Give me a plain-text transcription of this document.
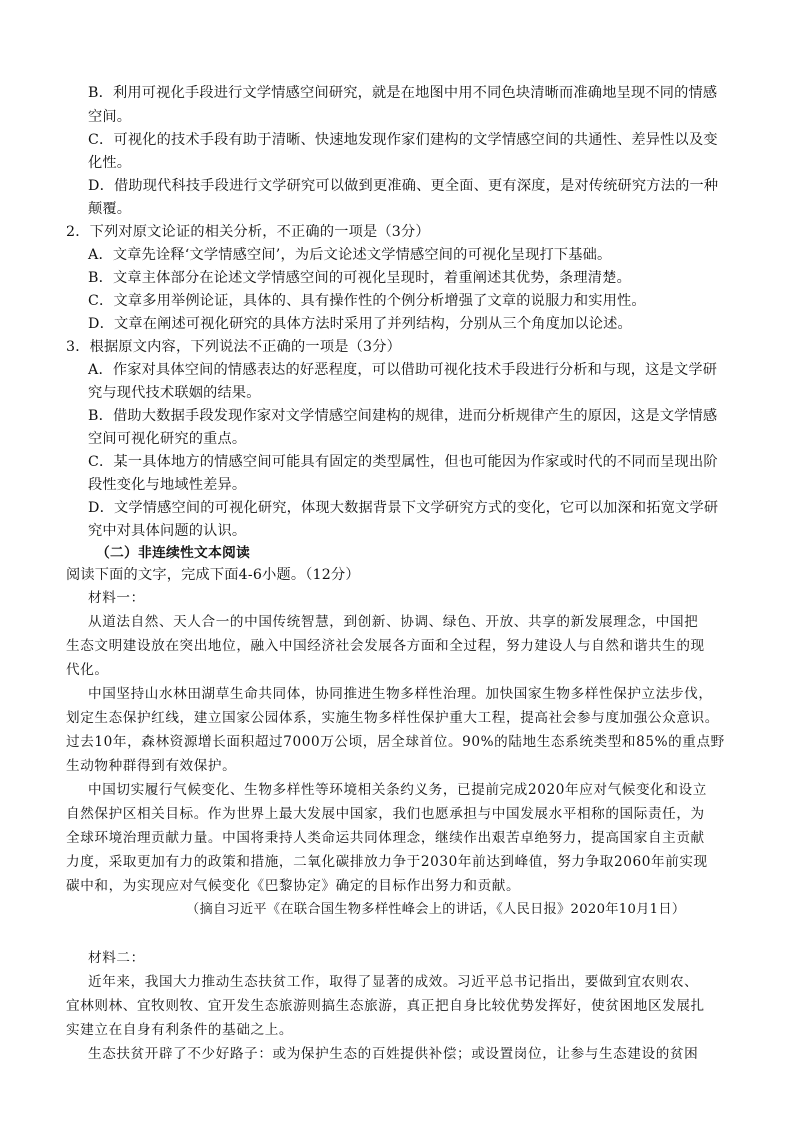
B．利用可视化手段进行文学情感空间研究，就是在地图中用不同色块清晰而准确地呈现不同的情感
空间。
C．可视化的技术手段有助于清晰、快速地发现作家们建构的文学情感空间的共通性、差异性以及变
化性。
D．借助现代科技手段进行文学研究可以做到更准确、更全面、更有深度，是对传统研究方法的一种
颠覆。
2．下列对原文论证的相关分析，不正确的一项是（3分）
A．文章先诠释‘文学情感空间’，为后文论述文学情感空间的可视化呈现打下基础。
B．文章主体部分在论述文学情感空间的可视化呈现时，着重阐述其优势，条理清楚。
C．文章多用举例论证，具体的、具有操作性的个例分析增强了文章的说服力和实用性。
D．文章在阐述可视化研究的具体方法时采用了并列结构，分别从三个角度加以论述。
3．根据原文内容，下列说法不正确的一项是（3分）
A．作家对具体空间的情感表达的好恶程度，可以借助可视化技术手段进行分析和与现，这是文学研
究与现代技术联姻的结果。
B．借助大数据手段发现作家对文学情感空间建构的规律，进而分析规律产生的原因，这是文学情感
空间可视化研究的重点。
C．某一具体地方的情感空间可能具有固定的类型属性，但也可能因为作家或时代的不同而呈现出阶
段性变化与地域性差异。
D．文学情感空间的可视化研究，体现大数据背景下文学研究方式的变化，它可以加深和拓宽文学研
究中对具体问题的认识。
（二）非连续性文本阅读
阅读下面的文字，完成下面4-6小题。（12分）
材料一：
从道法自然、天人合一的中国传统智慧，到创新、协调、绿色、开放、共享的新发展理念，中国把
生态文明建设放在突出地位，融入中国经济社会发展各方面和全过程，努力建设人与自然和谐共生的现
代化。
中国坚持山水林田湖草生命共同体，协同推进生物多样性治理。加快国家生物多样性保护立法步伐，
划定生态保护红线，建立国家公园体系，实施生物多样性保护重大工程，提高社会参与度加强公众意识。
过去10年，森林资源增长面积超过7000万公顷，居全球首位。90%的陆地生态系统类型和85%的重点野
生动物种群得到有效保护。
中国切实履行气候变化、生物多样性等环境相关条约义务，已提前完成2020年应对气候变化和设立
自然保护区相关目标。作为世界上最大发展中国家，我们也愿承担与中国发展水平相称的国际责任，为
全球环境治理贡献力量。中国将秉持人类命运共同体理念，继续作出艰苦卓绝努力，提高国家自主贡献
力度，采取更加有力的政策和措施，二氧化碳排放力争于2030年前达到峰值，努力争取2060年前实现
碳中和，为实现应对气候变化《巴黎协定》确定的目标作出努力和贡献。
（摘自习近平《在联合国生物多样性峰会上的讲话，《人民日报》2020年10月1日）
材料二：
近年来，我国大力推动生态扶贫工作，取得了显著的成效。习近平总书记指出，要做到宜农则农、
宜林则林、宜牧则牧、宜开发生态旅游则搞生态旅游，真正把自身比较优势发挥好，使贫困地区发展扎
实建立在自身有利条件的基础之上。
生态扶贫开辟了不少好路子：或为保护生态的百姓提供补偿；或设置岗位，让参与生态建设的贫困
